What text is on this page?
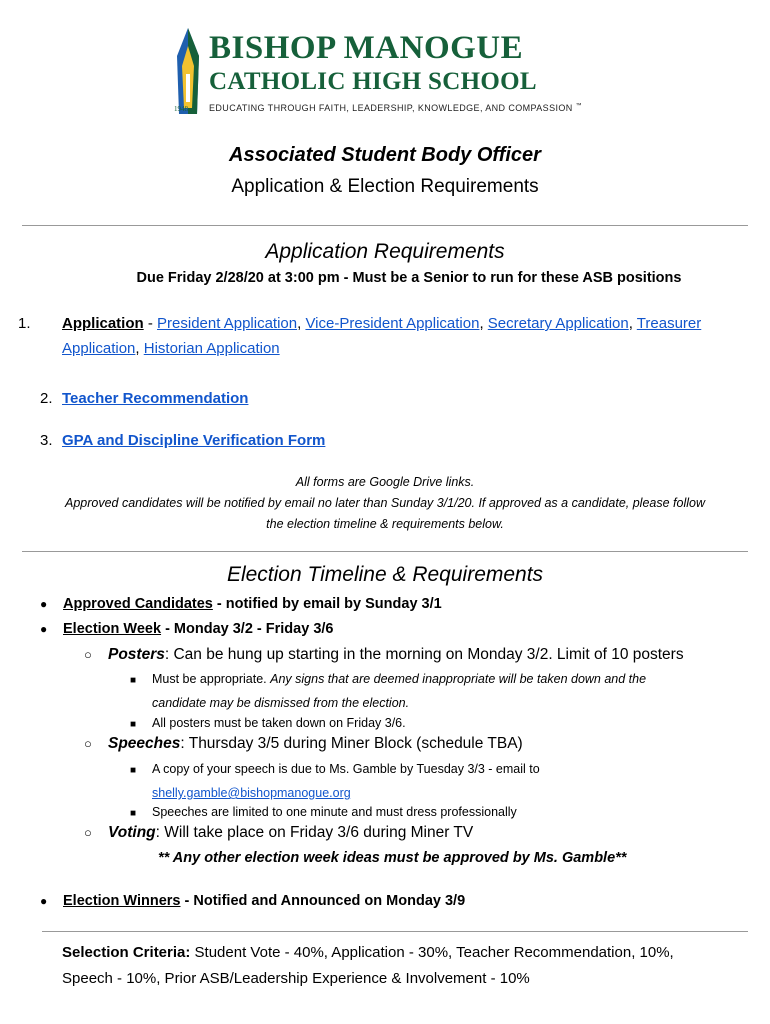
1948
BISHOP MANOGUE
CATHOLIC HIGH SCHOOL
EDUCATING THROUGH FAITH, LEADERSHIP, KNOWLEDGE, AND COMPASSION ™
Associated Student Body Officer
Application & Election Requirements
Application Requirements
Due Friday 2/28/20 at 3:00 pm - Must be a Senior to run for these ASB positions
1. Application - President Application, Vice-President Application, Secretary Application, Treasurer Application, Historian Application
2. Teacher Recommendation
3. GPA and Discipline Verification Form
All forms are Google Drive links.
Approved candidates will be notified by email no later than Sunday 3/1/20. If approved as a candidate, please follow
the election timeline & requirements below.
Election Timeline & Requirements
● Approved Candidates - notified by email by Sunday 3/1
● Election Week - Monday 3/2 - Friday 3/6
○ Posters: Can be hung up starting in the morning on Monday 3/2. Limit of 10 posters
■ Must be appropriate. Any signs that are deemed inappropriate will be taken down and the
candidate may be dismissed from the election.
■ All posters must be taken down on Friday 3/6.
○ Speeches: Thursday 3/5 during Miner Block (schedule TBA)
■ A copy of your speech is due to Ms. Gamble by Tuesday 3/3 - email to
shelly.gamble@bishopmanogue.org
■ Speeches are limited to one minute and must dress professionally
○ Voting: Will take place on Friday 3/6 during Miner TV
** Any other election week ideas must be approved by Ms. Gamble**
● Election Winners - Notified and Announced on Monday 3/9
Selection Criteria: Student Vote - 40%, Application - 30%, Teacher Recommendation, 10%,
Speech - 10%, Prior ASB/Leadership Experience & Involvement - 10%
